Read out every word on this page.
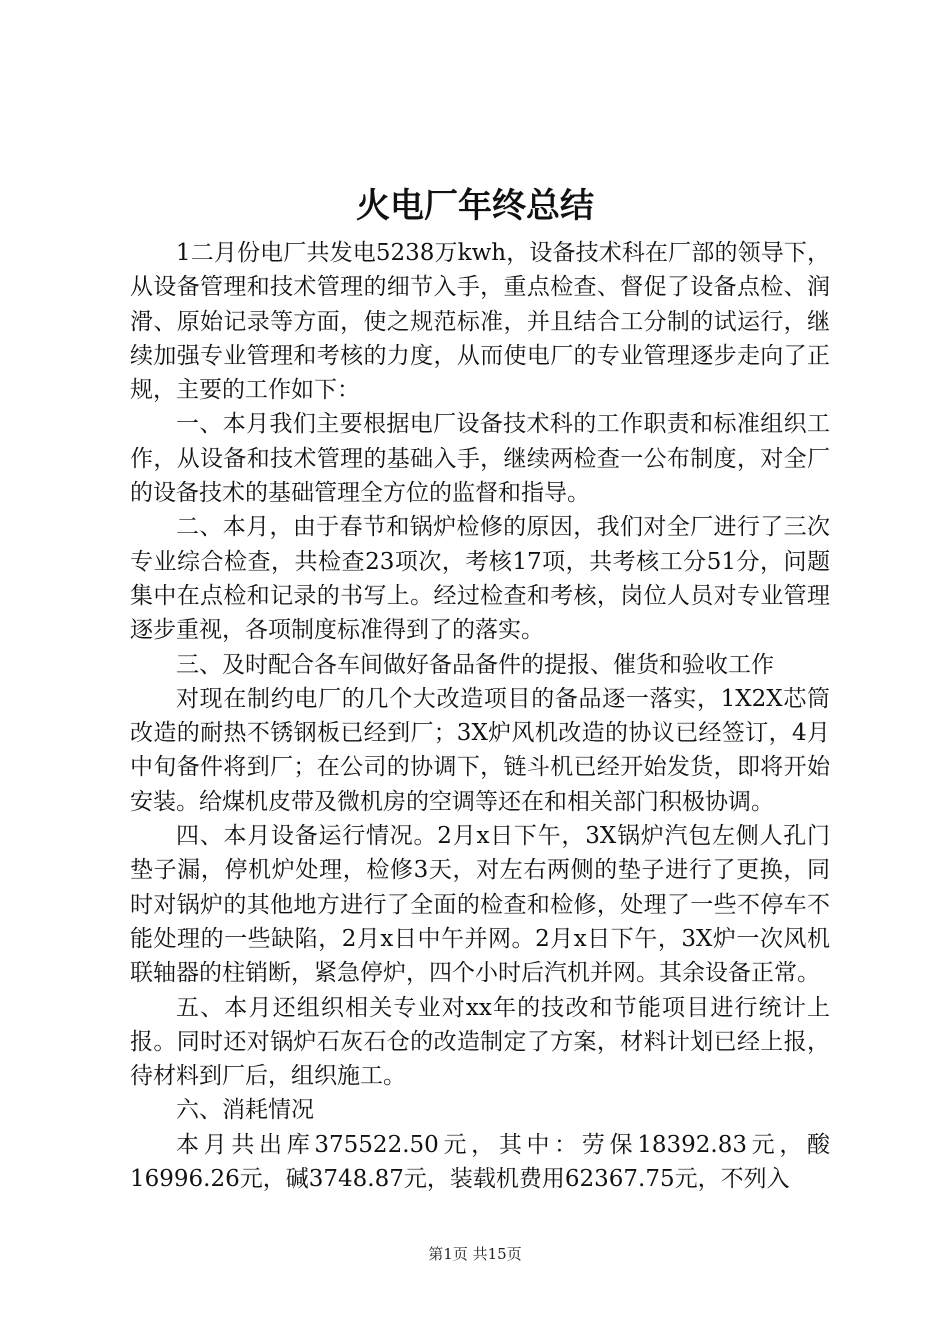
火电厂年终总结

1二月份电厂共发电5238万kwh，设备技术科在厂部的领导下，从设备管理和技术管理的细节入手，重点检查、督促了设备点检、润滑、原始记录等方面，使之规范标准，并且结合工分制的试运行，继续加强专业管理和考核的力度，从而使电厂的专业管理逐步走向了正规，主要的工作如下：

一、本月我们主要根据电厂设备技术科的工作职责和标准组织工作，从设备和技术管理的基础入手，继续两检查一公布制度，对全厂的设备技术的基础管理全方位的监督和指导。

二、本月，由于春节和锅炉检修的原因，我们对全厂进行了三次专业综合检查，共检查23项次，考核17项，共考核工分51分，问题集中在点检和记录的书写上。经过检查和考核，岗位人员对专业管理逐步重视，各项制度标准得到了的落实。

三、及时配合各车间做好备品备件的提报、催货和验收工作

对现在制约电厂的几个大改造项目的备品逐一落实，1X2X芯筒改造的耐热不锈钢板已经到厂；3X炉风机改造的协议已经签订，4月中旬备件将到厂；在公司的协调下，链斗机已经开始发货，即将开始安装。给煤机皮带及微机房的空调等还在和相关部门积极协调。

四、本月设备运行情况。2月x日下午，3X锅炉汽包左侧人孔门垫子漏，停机炉处理，检修3天，对左右两侧的垫子进行了更换，同时对锅炉的其他地方进行了全面的检查和检修，处理了一些不停车不能处理的一些缺陷，2月x日中午并网。2月x日下午，3X炉一次风机联轴器的柱销断，紧急停炉，四个小时后汽机并网。其余设备正常。

五、本月还组织相关专业对xx年的技改和节能项目进行统计上报。同时还对锅炉石灰石仓的改造制定了方案，材料计划已经上报，待材料到厂后，组织施工。

六、消耗情况

本月共出库375522.50元，其中：劳保18392.83元，酸16996.26元，碱3748.87元，装载机费用62367.75元，不列入

第1页 共15页
